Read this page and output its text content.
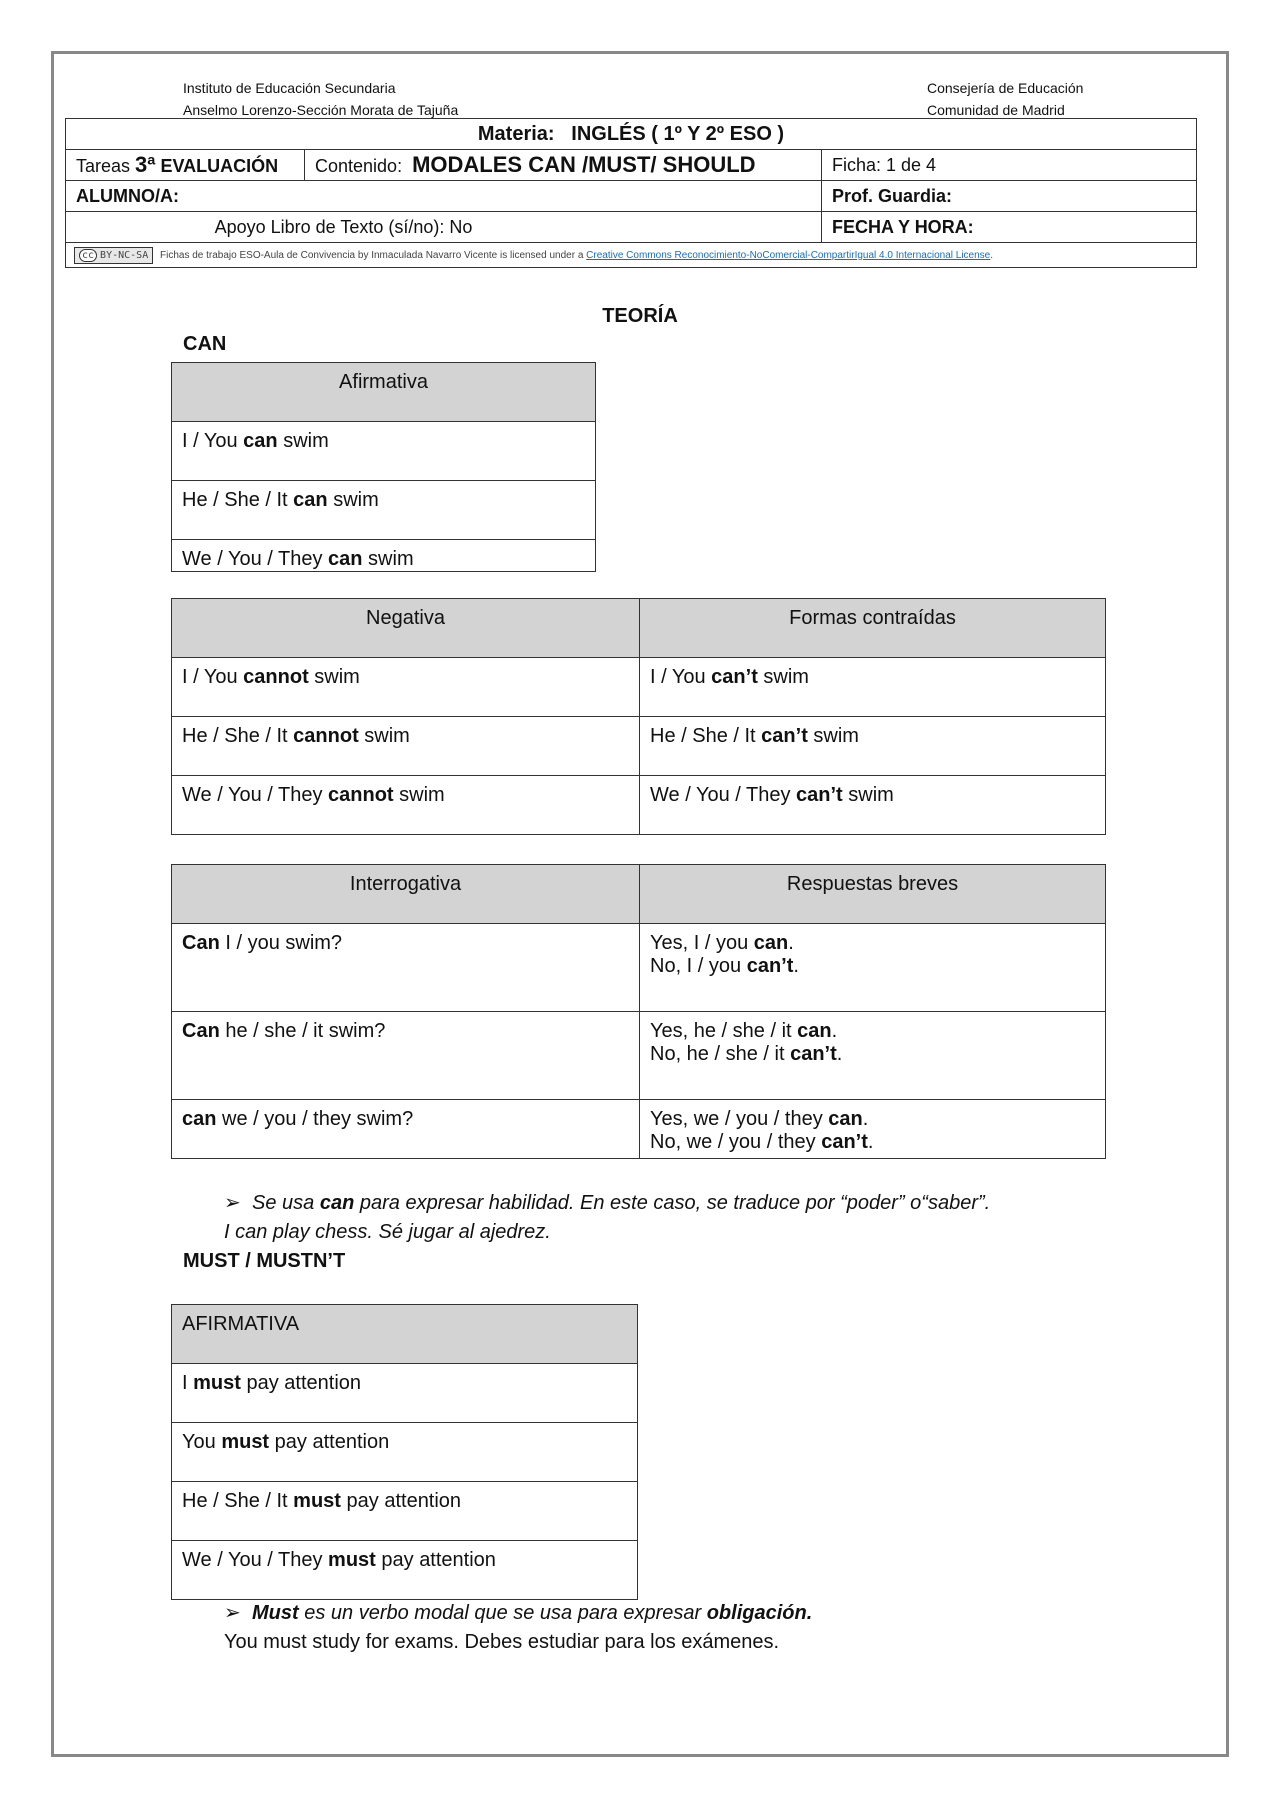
Instituto de Educación Secundaria
Anselmo Lorenzo-Sección Morata de Tajuña
Consejería de Educación
Comunidad de Madrid
Materia: INGLÉS ( 1º Y 2º ESO )		
Tareas 3ª EVALUACIÓN	Contenido: MODALES CAN /MUST/ SHOULD	Ficha: 1 de 4
ALUMNO/A:		Prof. Guardia:
Apoyo Libro de Texto (sí/no): No		FECHA Y HORA:
cc BY-NC-SA Fichas de trabajo ESO-Aula de Convivencia by Inmaculada Navarro Vicente is licensed under a Creative Commons Reconocimiento-NoComercial-CompartirIgual 4.0 Internacional License.		
TEORÍA
CAN
Afirmativa
I / You can swim
He / She / It can swim
We / You / They can swim
Negativa	Formas contraídas
I / You cannot swim	I / You can’t swim
He / She / It cannot swim	He / She / It can’t swim
We / You / They cannot swim	We / You / They can’t swim
Interrogativa	Respuestas breves
Can I / you swim?	Yes, I / you can.
No, I / you can’t.

Can he / she / it swim?	Yes, he / she / it can.
No, he / she / it can’t.

can we / you / they swim?	Yes, we / you / they can.
No, we / you / they can’t.
➢ Se usa can para expresar habilidad. En este caso, se traduce por “poder” o“saber”.
I can play chess. Sé jugar al ajedrez.
MUST / MUSTN’T
AFIRMATIVA
I must pay attention
You must pay attention
He / She / It must pay attention
We / You / They must pay attention
➢ Must es un verbo modal que se usa para expresar obligación.
You must study for exams. Debes estudiar para los exámenes.
